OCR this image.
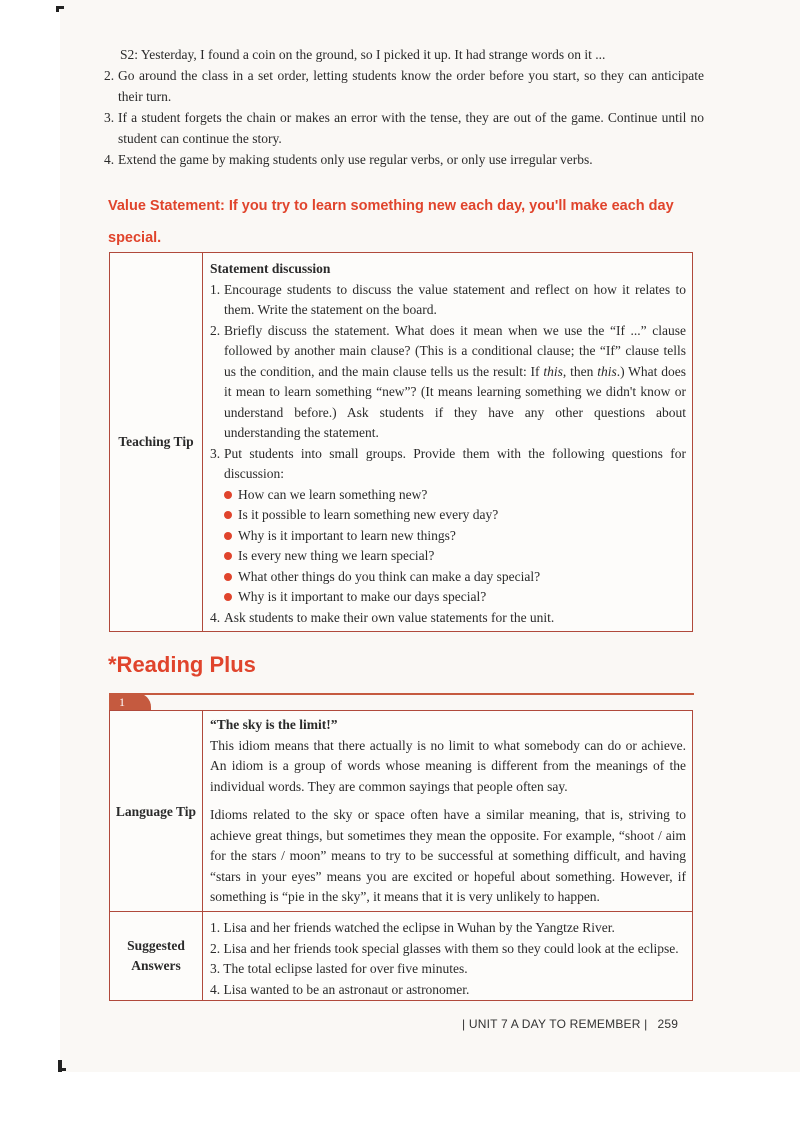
S2: Yesterday, I found a coin on the ground, so I picked it up. It had strange words on it ...

2. Go around the class in a set order, letting students know the order before you start, so they can anticipate their turn.
3. If a student forgets the chain or makes an error with the tense, they are out of the game. Continue until no student can continue the story.
4. Extend the game by making students only use regular verbs, or only use irregular verbs.
Value Statement: If you try to learn something new each day, you'll make each day special.
Teaching Tip
Statement discussion
1. Encourage students to discuss the value statement and reflect on how it relates to them. Write the statement on the board.
2. Briefly discuss the statement. What does it mean when we use the “If ...” clause followed by another main clause? (This is a conditional clause; the “If” clause tells us the condition, and the main clause tells us the result: If this, then this.) What does it mean to learn something “new”? (It means learning something we didn't know or understand before.) Ask students if they have any other questions about understanding the statement.
3. Put students into small groups. Provide them with the following questions for discussion:
How can we learn something new?
Is it possible to learn something new every day?
Why is it important to learn new things?
Is every new thing we learn special?
What other things do you think can make a day special?
Why is it important to make our days special?
4. Ask students to make their own value statements for the unit.
*Reading Plus
1
Language Tip
“The sky is the limit!”

This idiom means that there actually is no limit to what somebody can do or achieve. An idiom is a group of words whose meaning is different from the meanings of the individual words. They are common sayings that people often say.

Idioms related to the sky or space often have a similar meaning, that is, striving to achieve great things, but sometimes they mean the opposite. For example, “shoot / aim for the stars / moon” means to try to be successful at something difficult, and having “stars in your eyes” means you are excited or hopeful about something. However, if something is “pie in the sky”, it means that it is very unlikely to happen.

Suggested
Answers
1. Lisa and her friends watched the eclipse in Wuhan by the Yangtze River.
2. Lisa and her friends took special glasses with them so they could look at the eclipse.
3. The total eclipse lasted for over five minutes.
4. Lisa wanted to be an astronaut or astronomer.
| UNIT 7 A DAY TO REMEMBER | 259
